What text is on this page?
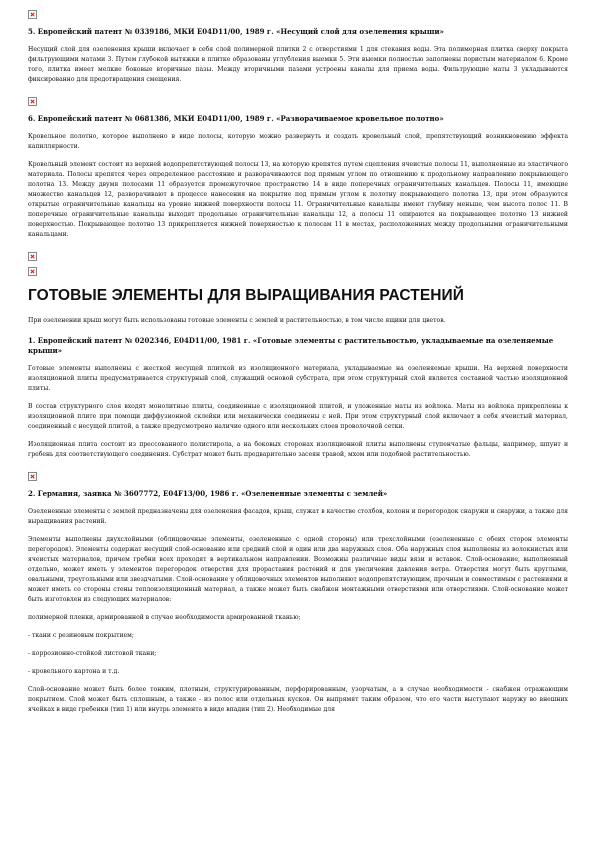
5. Европейский патент № 0339186, МКИ E04D11/00, 1989 г. «Несущий слой для озеленения крыши»

Несущий слой для озеленения крыши включает в себя слой полимерной плитки 2 с отверстиями 1 для стекания воды. Эта полимерная плитка сверху покрыта фильтрующими матами 3. Путем глубокой вытяжки в плитке образованы углубления выемки 5. Эти выемки полностью заполнены пористым материалом 6. Кроме того, плитка имеет мелкие боковые вторичные пазы. Между вторичными пазами устроены каналы для приема воды. Фильтрующие маты 3 укладываются фиксированно для предотвращения смещения.

6. Европейский патент № 0681386, МКИ E04D11/00, 1989 г. «Разворачиваемое кровельное полотно»

Кровельное полотно, которое выполнено в виде полосы, которую можно развернуть и создать кровельный слой, препятствующий возникновению эффекта капиллярности.

Кровельный элемент состоит из верхней водопрепятствующей полосы 13, на которую крепятся путем сцепления ячеистые полосы 11, выполненные из эластичного материала. Полосы крепятся через определенное расстояние и разворачиваются под прямым углом по отношению к продольному направлению покрывающего полотна 13. Между двумя полосами 11 образуется промежуточное пространство 14 в виде поперечных ограничительных канальцев. Полосы 11, имеющие множество канальцев 12, разворачивают в процессе нанесения на покрытие под прямым углом к полотну покрывающего полотна 13, при этом образуются открытые ограничительные канальцы на уровне нижней поверхности полосы 11. Ограничительные канальцы имеют глубину меньше, чем высота полос 11. В поперечные ограничительные канальцы выходят продольные ограничительные канальцы 12, а полосы 11 опираются на покрывающее полотно 13 нижней поверхностью. Покрывающее полотно 13 прикрепляется нижней поверхностью к полосам 11 в местах, расположенных между продольными ограничительными канальцами.

ГОТОВЫЕ ЭЛЕМЕНТЫ ДЛЯ ВЫРАЩИВАНИЯ РАСТЕНИЙ

При озеленении крыш могут быть использованы готовые элементы с землей и растительностью, в том числе ящики для цветов.

1. Европейский патент № 0202346, E04D11/00, 1981 г. «Готовые элементы с растительностью, укладываемые на озеленяемые крыши»

Готовые элементы выполнены с жесткой несущей плиткой из изоляционного материала, укладываемые на озеленяемые крыши. На верхней поверхности изоляционной плиты предусматривается структурный слой, служащий основой субстрата, при этом структурный слой является составной частью изоляционной плиты.

В состав структурного слоя входят монолитные плиты, соединенные с изоляционной плитой, и уложенные маты из войлока. Маты из войлока прикреплены к изоляционной плите при помощи диффузионной склейки или механически соединены с ней. При этом структурный слой включает в себя ячеистый материал, соединенный с несущей плитой, а также предусмотрено наличие одного или нескольких слоев проволочной сетки.

Изоляционная плита состоит из прессованного полистирола, а на боковых сторонах изоляционной плиты выполнены ступенчатые фальцы, например, шпунт и гребень для соответствующего соединения. Субстрат может быть предварительно засеян травой, мхом или подобной растительностью.

2. Германия, заявка № 3607772, E04F13/00, 1986 г. «Озелененные элементы с землей»

Озелененные элементы с землей предназначены для озеленения фасадов, крыш, служат в качестве столбов, колонн и перегородок снаружи и снаружи, а также для выращивания растений.

Элементы выполнены двухслойными (облицовочные элементы, озелененные с одной стороны) или трехслойными (озелененные с обеих сторон элементы перегородок). Элементы содержат несущий слой-основание или средний слой и один или два наружных слоя. Оба наружных слоя выполнены из волокнистых или ячеистых материалов, причем гребни всех проходят в вертикальном направлении. Возможны различные виды вязи и вставок. Слой-основание, выполненный отдельно, может иметь у элементов перегородок отверстия для прорастания растений и для увеличения давления ветра. Отверстия могут быть круглыми, овальными, треугольными или звездчатыми. Слой-основание у облицовочных элементов выполняют водопрепятствующим, прочным и совместимым с растениями и может иметь со стороны стены теплоизоляционный материал, а также может быть снабжен монтажными отверстиями или отверстиями. Слой-основание может быть изготовлен из следующих материалов:

полимерной пленки, армированной в случае необходимости армированной тканью;

- ткани с резиновым покрытием;

- коррозионно-стойкой листовой ткани;

- кровельного картона и т.д.

Слой-основание может быть более тонким, плотным, структурированным, перфорированным, узорчатым, а в случае необходимости - снабжен отражающим покрытием. Слой может быть сплошным, а также - из полос или отдельных кусков. Он выпрямят таким образом, что его части выступают наружу во внешних ячейках в виде гребенки (тип 1) или внутрь элемента в виде впадин (тип 2). Необходимые для
